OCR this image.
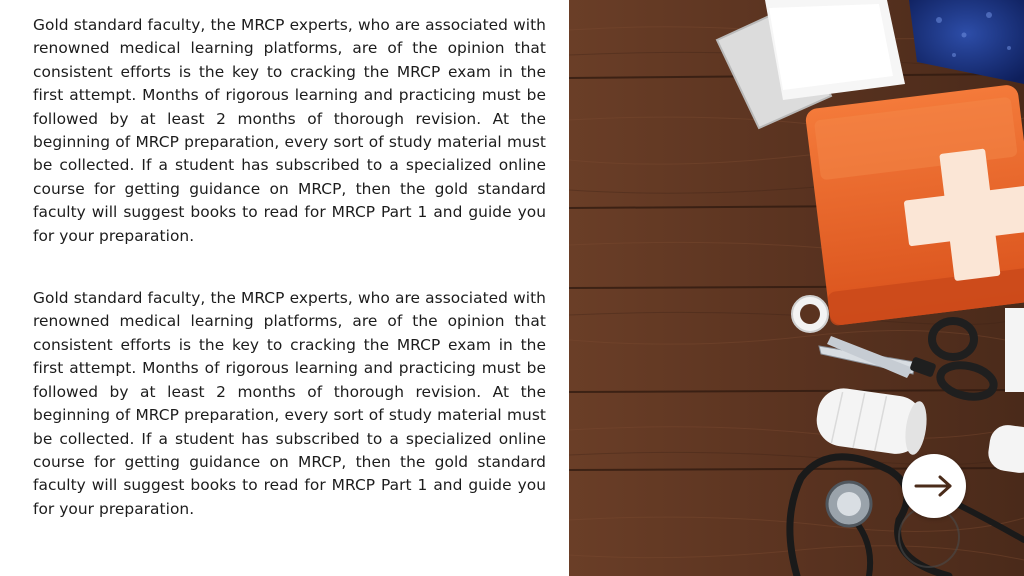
Gold standard faculty, the MRCP experts, who are associated with renowned medical learning platforms, are of the opinion that consistent efforts is the key to cracking the MRCP exam in the first attempt. Months of rigorous learning and practicing must be followed by at least 2 months of thorough revision. At the beginning of MRCP preparation, every sort of study material must be collected. If a student has subscribed to a specialized online course for getting guidance on MRCP, then the gold standard faculty will suggest books to read for MRCP Part 1 and guide you for your preparation.

Gold standard faculty, the MRCP experts, who are associated with renowned medical learning platforms, are of the opinion that consistent efforts is the key to cracking the MRCP exam in the first attempt. Months of rigorous learning and practicing must be followed by at least 2 months of thorough revision. At the beginning of MRCP preparation, every sort of study material must be collected. If a student has subscribed to a specialized online course for getting guidance on MRCP, then the gold standard faculty will suggest books to read for MRCP Part 1 and guide you for your preparation.
